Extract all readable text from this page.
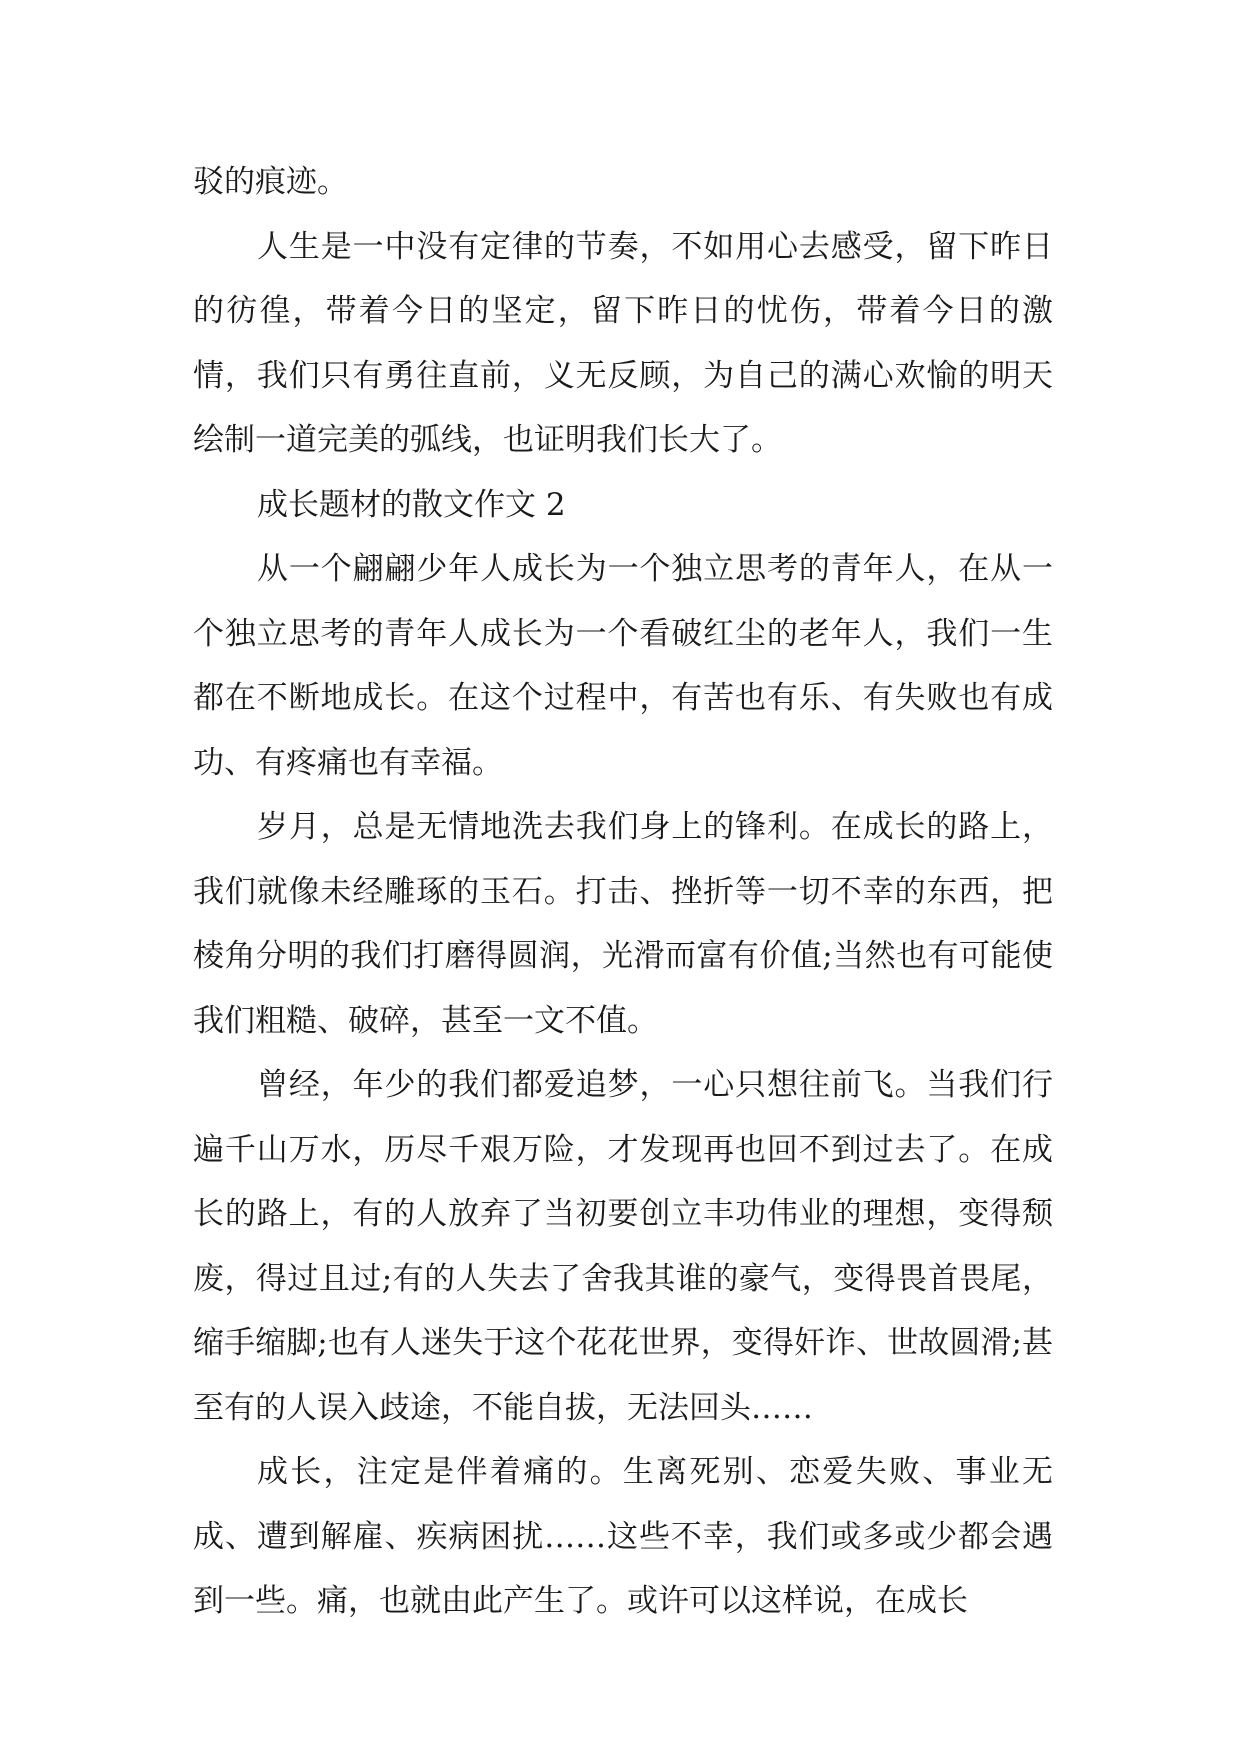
驳的痕迹。

人生是一中没有定律的节奏，不如用心去感受，留下昨日的彷徨，带着今日的坚定，留下昨日的忧伤，带着今日的激情，我们只有勇往直前，义无反顾，为自己的满心欢愉的明天绘制一道完美的弧线，也证明我们长大了。

成长题材的散文作文 2

从一个翩翩少年人成长为一个独立思考的青年人，在从一个独立思考的青年人成长为一个看破红尘的老年人，我们一生都在不断地成长。在这个过程中，有苦也有乐、有失败也有成功、有疼痛也有幸福。

岁月，总是无情地洗去我们身上的锋利。在成长的路上，我们就像未经雕琢的玉石。打击、挫折等一切不幸的东西，把棱角分明的我们打磨得圆润，光滑而富有价值;当然也有可能使我们粗糙、破碎，甚至一文不值。

曾经，年少的我们都爱追梦，一心只想往前飞。当我们行遍千山万水，历尽千艰万险，才发现再也回不到过去了。在成长的路上，有的人放弃了当初要创立丰功伟业的理想，变得颓废，得过且过;有的人失去了舍我其谁的豪气，变得畏首畏尾，缩手缩脚;也有人迷失于这个花花世界，变得奸诈、世故圆滑;甚至有的人误入歧途，不能自拔，无法回头……

成长，注定是伴着痛的。生离死别、恋爱失败、事业无成、遭到解雇、疾病困扰……这些不幸，我们或多或少都会遇到一些。痛，也就由此产生了。或许可以这样说，在成长
